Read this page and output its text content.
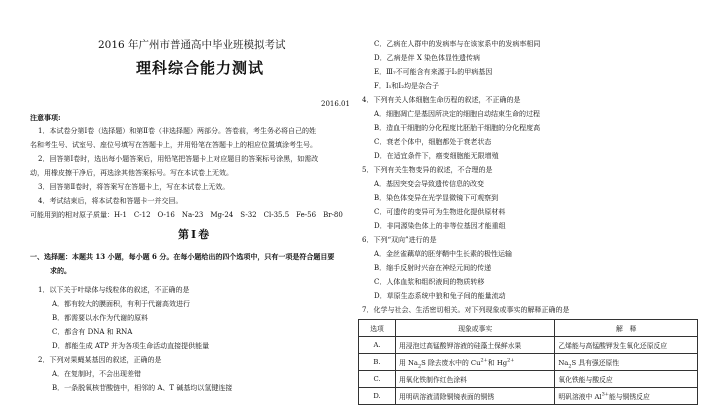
2016 年广州市普通高中毕业班模拟考试
理科综合能力测试
2016.01
注意事项:
1．本试卷分第Ⅰ卷（选择题）和第Ⅱ卷（非选择题）两部分。答卷前，考生务必将自己的姓
名和考生号、试室号、座位号填写在答题卡上，并用铅笔在答题卡上的相应位置填涂考生号。
2．回答第Ⅰ卷时，选出每小题答案后，用铅笔把答题卡上对应题目的答案标号涂黑，如需改
动，用橡皮擦干净后，再选涂其他答案标号。写在本试卷上无效。
3．回答第Ⅱ卷时，将答案写在答题卡上，写在本试卷上无效。
4．考试结束后，将本试卷和答题卡一并交回。
可能用到的相对原子质量：H-1　C-12　O-16　Na-23　Mg-24　S-32　Cl-35.5　Fe-56　Br-80
第Ⅰ卷
一、选择题：本题共 13 小题，每小题 6 分。在每小题给出的四个选项中，只有一项是符合题目要
求的。
1．以下关于叶绿体与线粒体的叙述，不正确的是
A．都有较大的膜面积，有利于代谢高效进行
B．都需要以水作为代谢的原料
C．都含有 DNA 和 RNA
D．都能生成 ATP 并为各项生命活动直接提供能量
2．下列对果蝇某基因的叙述，正确的是
A．在复制时，不会出现差错
B．一条脱氧核苷酸链中，相邻的 A、T 碱基均以氢键连接
C．乙病在人群中的发病率与在该家系中的发病率相同
D．乙病是伴 X 染色体显性遗传病
E．Ⅲ₇不可能含有来源于Ⅰ₂的甲病基因
F．Ⅰ₁和Ⅰ₂均是杂合子
4．下列有关人体细胞生命历程的叙述，不正确的是
A．细胞凋亡是基因所决定的细胞自动结束生命的过程
B．造血干细胞的分化程度比胚胎干细胞的分化程度高
C．衰老个体中，细胞都处于衰老状态
D．在适宜条件下，癌变细胞能无限增殖
5．下列有关生物变异的叙述，不合理的是
A．基因突变会导致遗传信息的改变
B．染色体变异在光学显微镜下可观察到
C．可遗传的变异可为生物进化提供原材料
D．非同源染色体上的非等位基因才能重组
6．下列“双向”进行的是
A．金丝雀藕草的胚芽鞘中生长素的极性运输
B．缩手反射时兴奋在神经元间的传递
C．人体血浆和组织液间的物质转移
D．草原生态系统中狼和兔子间的能量流动
7．化学与社会、生活密切相关。对下列现象或事实的解释正确的是
选项	现象或事实	解　释
A.	用浸泡过高锰酸钾溶液的硅藻土保鲜水果	乙烯能与高锰酸钾发生氧化还原反应
B.	用 $Na_2S$ 除去废水中的 $Cu^{2+}$和 $Hg^{2+}$	$Na_2S$ 具有强还原性
C.	用氧化铁制作红色涂料	氧化铁能与酸反应
D.	用明矾溶液清除铜镜表面的铜锈	明矾溶液中 $Al^{3+}$能与铜锈反应
